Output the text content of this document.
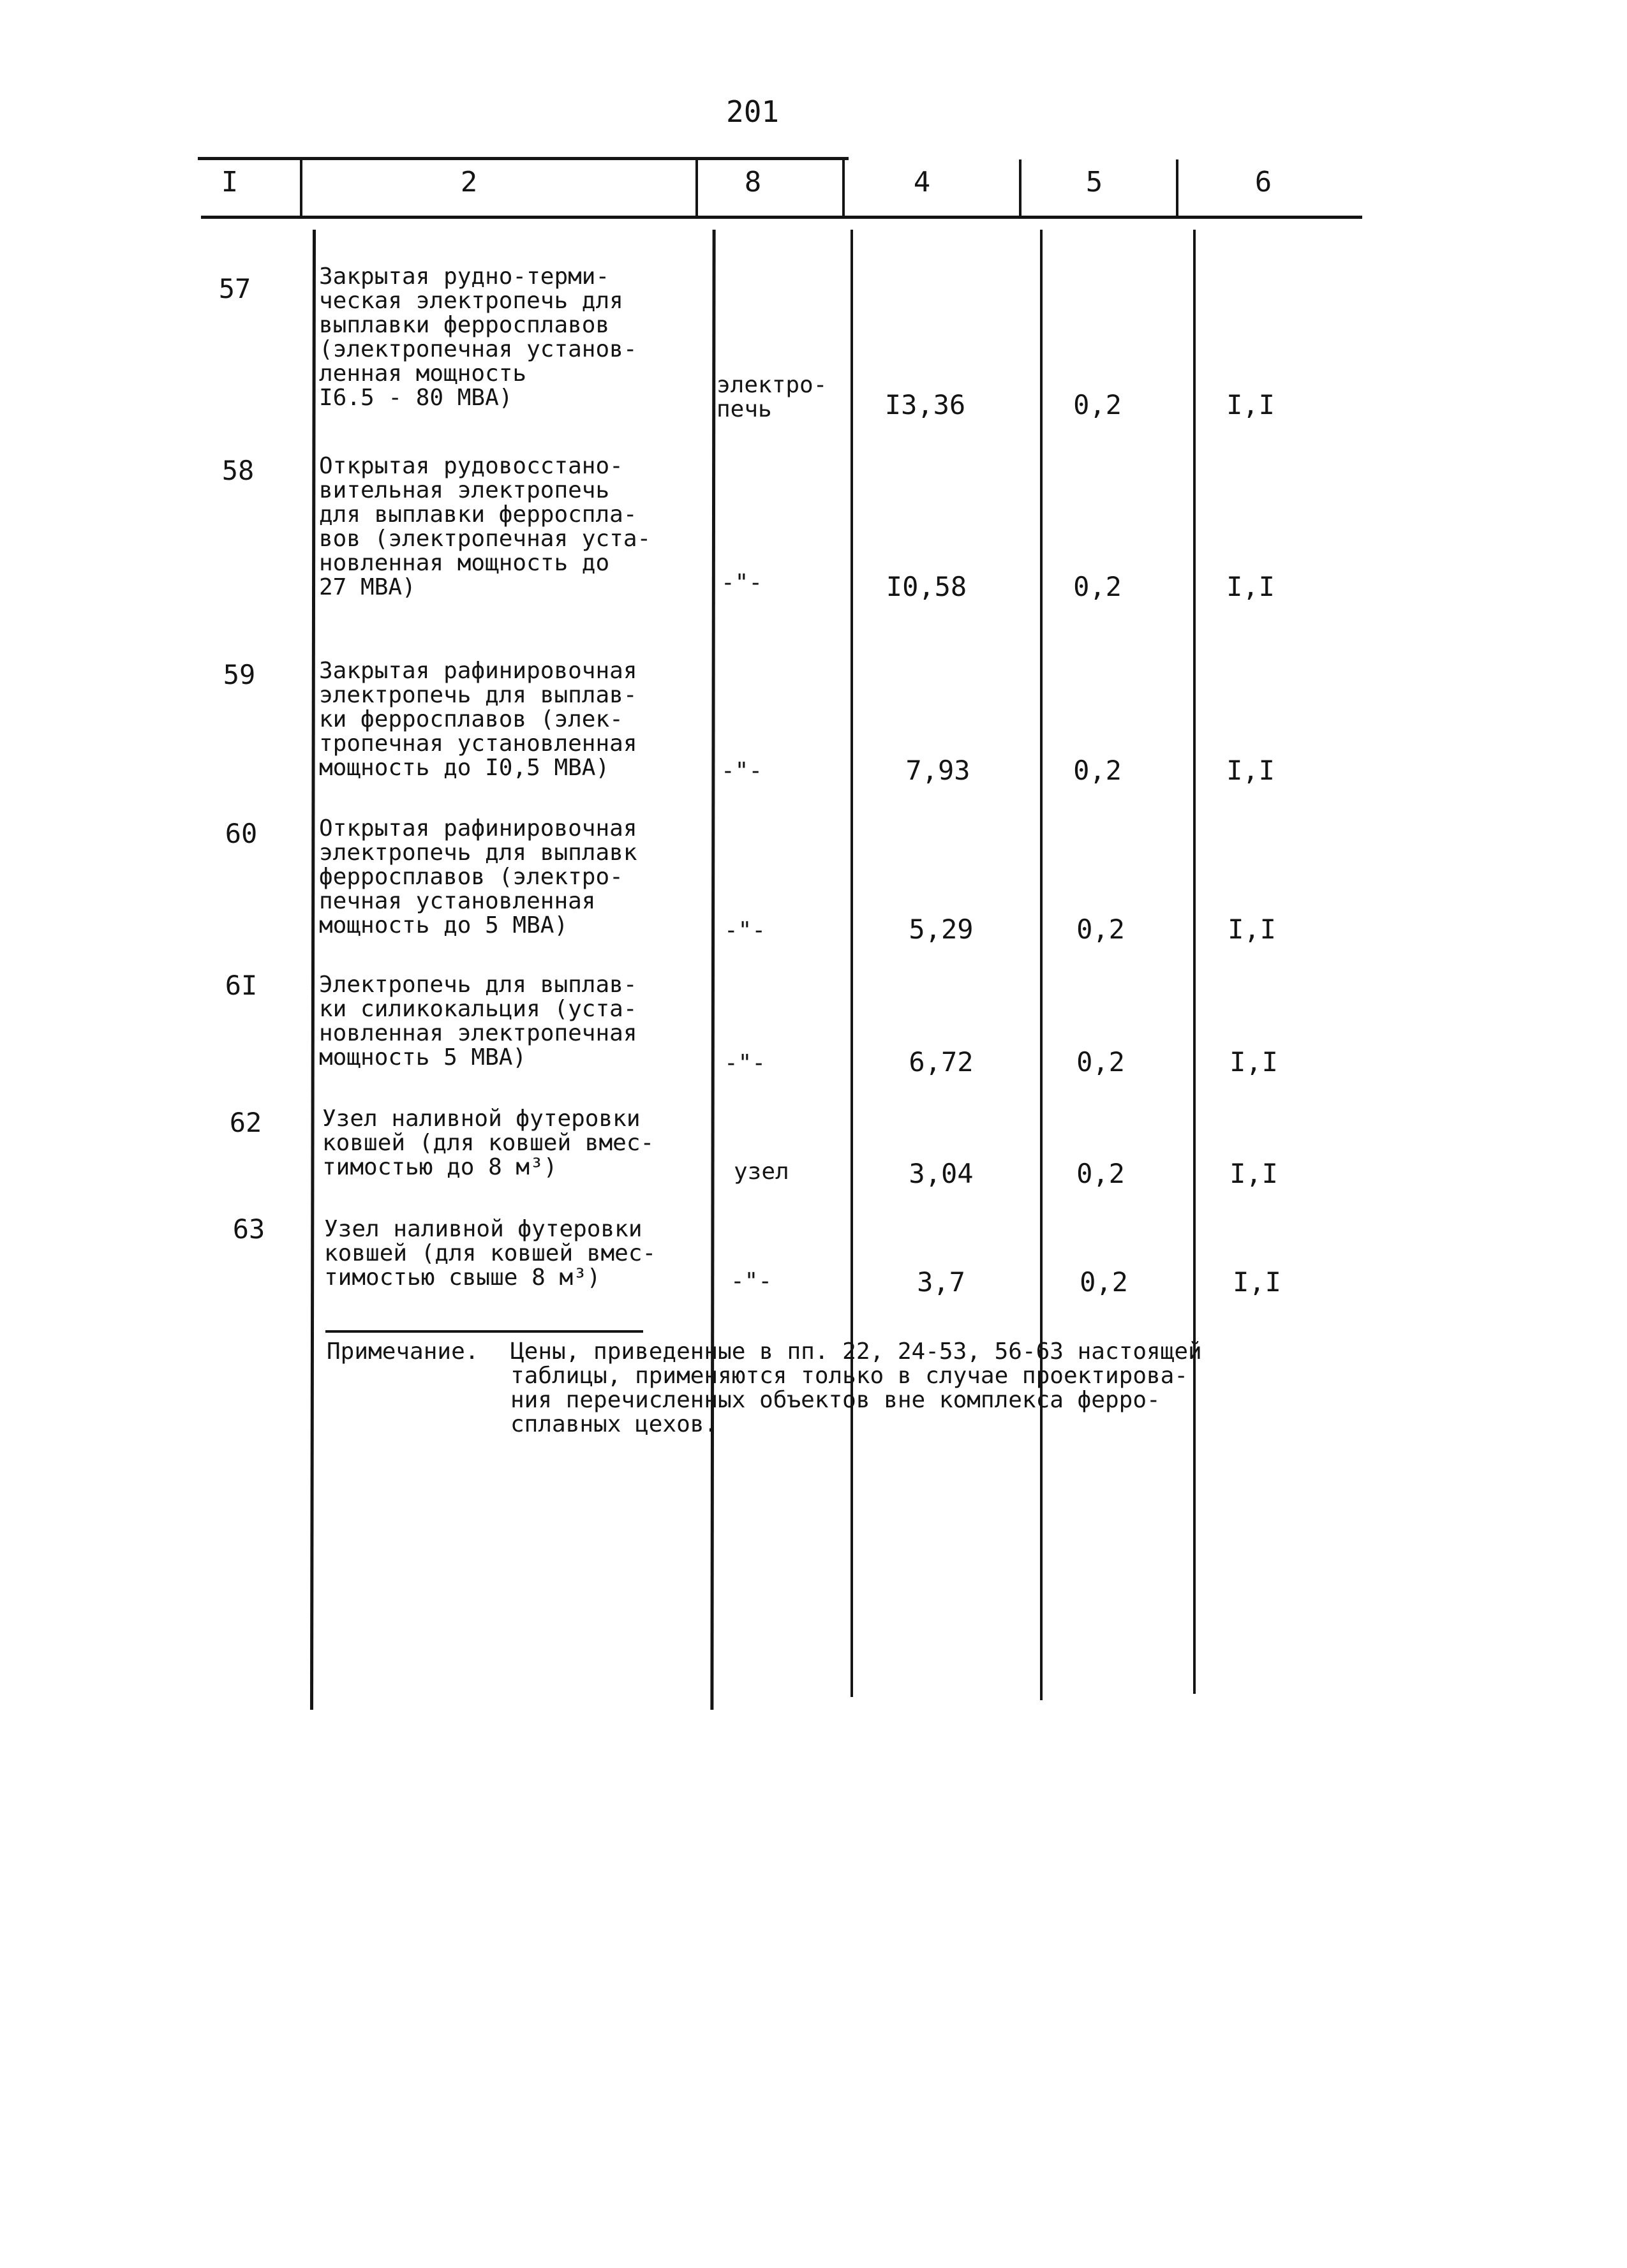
201
I	2	8	4	5	6
57	Закрытая рудно-терми-
ческая электропечь для
выплавки ферросплавов
(электропечная установ-
ленная мощность
I6.5 - 80 МВА)	электро-
печь	I3,36	0,2	I,I
58	Открытая рудовосстано-
вительная электропечь
для выплавки ферроспла-
вов (электропечная уста-
новленная мощность до
27 МВА)	-"-	I0,58	0,2	I,I
59	Закрытая рафинировочная
электропечь для выплав-
ки ферросплавов (элек-
тропечная установленная
мощность до I0,5 МВА)	-"-	7,93	0,2	I,I
60	Открытая рафинировочная
электропечь для выплавк
ферросплавов (электро-
печная установленная
мощность до 5 МВА)	-"-	5,29	0,2	I,I
6I	Электропечь для выплав-
ки силикокальция (уста-
новленная электропечная
мощность 5 МВА)	-"-	6,72	0,2	I,I
62	Узел наливной футеровки
ковшей (для ковшей вмес-
тимостью до 8 м³)	узел	3,04	0,2	I,I
63	Узел наливной футеровки
ковшей (для ковшей вмес-
тимостью свыше 8 м³)	-"-	3,7	0,2	I,I
Примечание. Цены, приведенные в пп. 22, 24-53, 56-63 настоящей
таблицы, применяются только в случае проектирова-
ния перечисленных объектов вне комплекса ферро-
сплавных цехов.
